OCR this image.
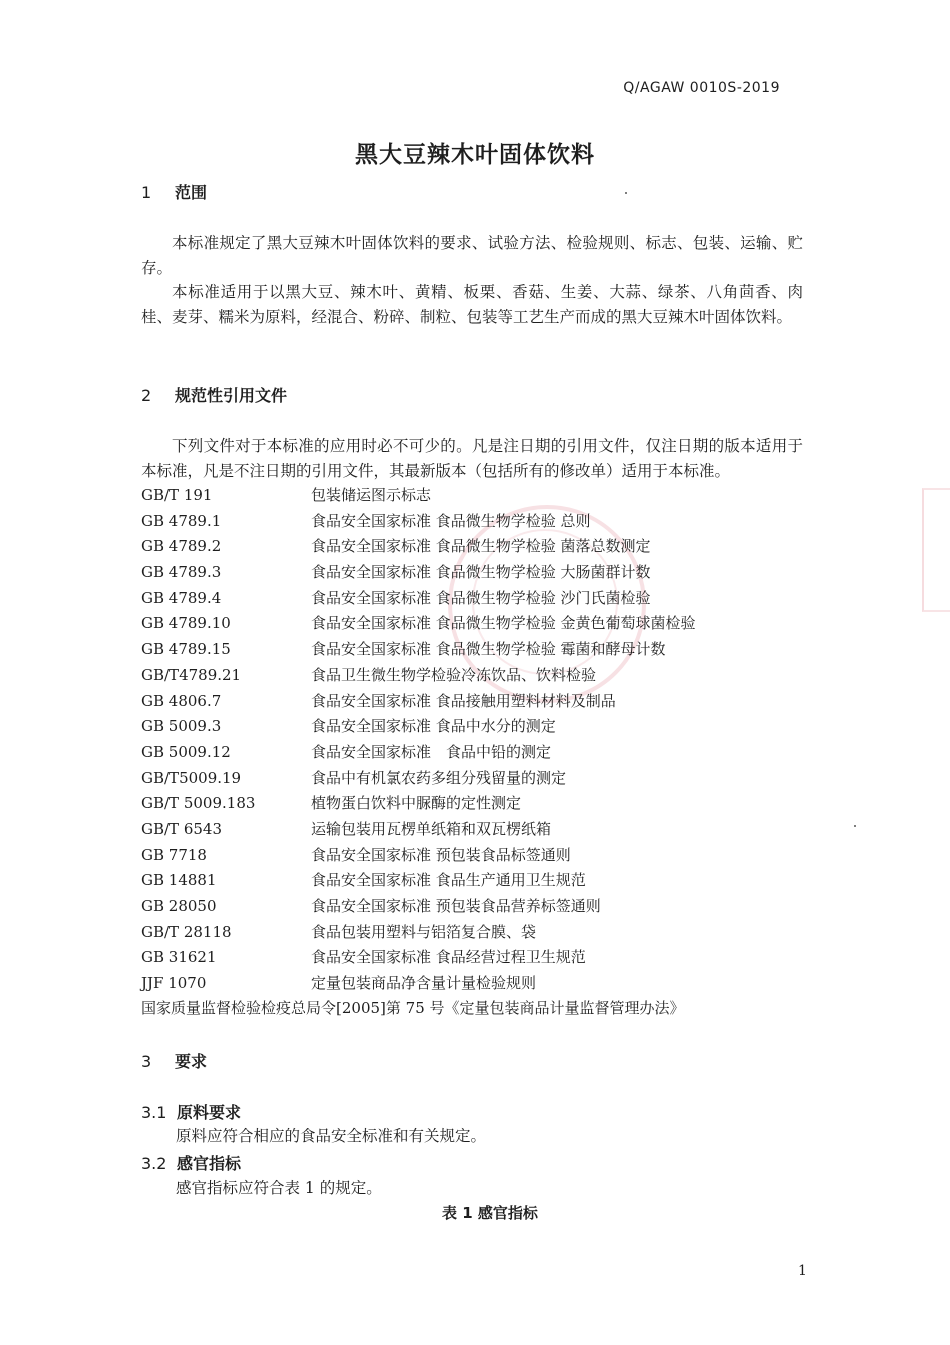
Q/AGAW 0010S-2019
黑大豆辣木叶固体饮料
1 范围
本标准规定了黑大豆辣木叶固体饮料的要求、试验方法、检验规则、标志、包装、运输、贮存。
本标准适用于以黑大豆、辣木叶、黄精、板栗、香菇、生姜、大蒜、绿茶、八角茴香、肉桂、麦芽、糯米为原料，经混合、粉碎、制粒、包装等工艺生产而成的黑大豆辣木叶固体饮料。
2 规范性引用文件
下列文件对于本标准的应用时必不可少的。凡是注日期的引用文件，仅注日期的版本适用于本标准，凡是不注日期的引用文件，其最新版本（包括所有的修改单）适用于本标准。
GB/T 191	包装储运图示标志
GB 4789.1	食品安全国家标准 食品微生物学检验 总则
GB 4789.2	食品安全国家标准 食品微生物学检验 菌落总数测定
GB 4789.3	食品安全国家标准 食品微生物学检验 大肠菌群计数
GB 4789.4	食品安全国家标准 食品微生物学检验 沙门氏菌检验
GB 4789.10	食品安全国家标准 食品微生物学检验 金黄色葡萄球菌检验
GB 4789.15	食品安全国家标准 食品微生物学检验 霉菌和酵母计数
GB/T4789.21	食品卫生微生物学检验冷冻饮品、饮料检验
GB 4806.7	食品安全国家标准 食品接触用塑料材料及制品
GB 5009.3	食品安全国家标准 食品中水分的测定
GB 5009.12	食品安全国家标准　食品中铅的测定
GB/T5009.19	食品中有机氯农药多组分残留量的测定
GB/T 5009.183	植物蛋白饮料中脲酶的定性测定
GB/T 6543	运输包装用瓦楞单纸箱和双瓦楞纸箱
GB 7718	食品安全国家标准 预包装食品标签通则
GB 14881	食品安全国家标准 食品生产通用卫生规范
GB 28050	食品安全国家标准 预包装食品营养标签通则
GB/T 28118	食品包装用塑料与铝箔复合膜、袋
GB 31621	食品安全国家标准 食品经营过程卫生规范
JJF 1070	定量包装商品净含量计量检验规则
国家质量监督检验检疫总局令[2005]第 75 号《定量包装商品计量监督管理办法》
3 要求
3.1 原料要求
原料应符合相应的食品安全标准和有关规定。
3.2 感官指标
感官指标应符合表 1 的规定。
表 1 感官指标
1
